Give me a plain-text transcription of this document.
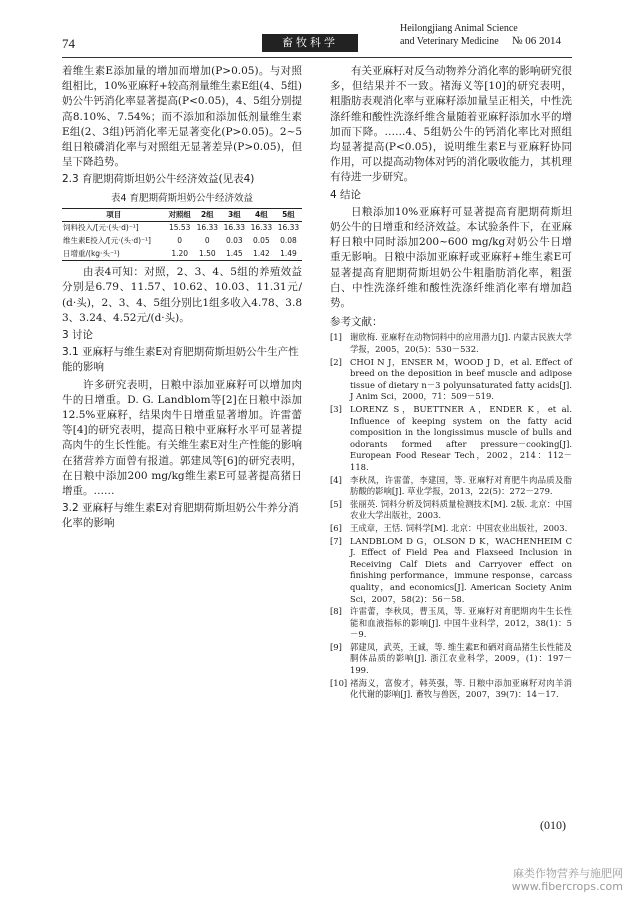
74	畜牧科学
Heilongjiang Animal Science
and Veterinary Medicine	№ 06 2014

着维生素E添加量的增加而增加(P>0.05)。与对照组相比，10%亚麻籽+较高剂量维生素E组(4、5组)奶公牛钙消化率显著提高(P<0.05)，4、5组分别提高8.10%、7.54%；而不添加和添加低剂量维生素E组(2、3组)钙消化率无显著变化(P>0.05)。2~5组日粮磷消化率与对照组无显著差异(P>0.05)，但呈下降趋势。

2.3 育肥期荷斯坦奶公牛经济效益(见表4)
表4 育肥期荷斯坦奶公牛经济效益
项目	对照组	2组	3组	4组	5组
饲料投入/[元·(头·d)⁻¹]	15.53	16.33	16.33	16.33	16.33
维生素E投入/[元·(头·d)⁻¹]	0	0	0.03	0.05	0.08
日增重/(kg·头⁻¹)	1.20	1.50	1.45	1.42	1.49

由表4可知：对照，2、3、4、5组的养殖效益分别是6.79、11.57、10.62、10.03、11.31元/(d·头)，2、3、4、5组分别比1组多收入4.78、3.83、3.24、4.52元/(d·头)。

3 讨论
3.1 亚麻籽与维生素E对育肥期荷斯坦奶公牛生产性能的影响

许多研究表明，日粮中添加亚麻籽可以增加肉牛的日增重。D. G. Landblom等[2]在日粮中添加12.5%亚麻籽，结果肉牛日增重显著增加。许雷蕾等[4]的研究表明，提高日粮中亚麻籽水平可显著提高肉牛的生长性能。有关维生素E对生产性能的影响在猪营养方面曾有报道。郭建凤等[6]的研究表明，在日粮中添加200 mg/kg维生素E可显著提高猪日增重。……

3.2 亚麻籽与维生素E对育肥期荷斯坦奶公牛养分消化率的影响

有关亚麻籽对反刍动物养分消化率的影响研究很多，但结果并不一致。褚海义等[10]的研究表明，粗脂肪表观消化率与亚麻籽添加量呈正相关，中性洗涤纤维和酸性洗涤纤维含量随着亚麻籽添加水平的增加而下降。……4、5组奶公牛的钙消化率比对照组均显著提高(P<0.05)，说明维生素E与亚麻籽协同作用，可以提高动物体对钙的消化吸收能力，其机理有待进一步研究。

4 结论

日粮添加10%亚麻籽可显著提高育肥期荷斯坦奶公牛的日增重和经济效益。本试验条件下，在亚麻籽日粮中同时添加200~600 mg/kg对奶公牛日增重无影响。日粮中添加亚麻籽或亚麻籽+维生素E可显著提高育肥期荷斯坦奶公牛粗脂肪消化率，粗蛋白、中性洗涤纤维和酸性洗涤纤维消化率有增加趋势。

参考文献：
[1] 谢欣梅. 亚麻籽在动物饲料中的应用潜力[J]. 内蒙古民族大学学报，2005，20(5)：530－532.
[2] CHOI N J，ENSER M，WOOD J D，et al. Effect of breed on the deposition in beef muscle and adipose tissue of dietary n－3 polyunsaturated fatty acids[J]. J Anim Sci，2000，71：509－519.
[3] LORENZ S，BUETTNER A，ENDER K，et al. Influence of keeping system on the fatty acid composition in the longissimus muscle of bulls and odorants formed after pressure－cooking[J]. European Food Resear Tech，2002，214：112－118.
[4] 李秋凤，许雷蕾，李建国，等. 亚麻籽对育肥牛肉品质及脂肪酸的影响[J]. 草业学报，2013，22(5)：272－279.
[5] 张丽英. 饲料分析及饲料质量检测技术[M]. 2版. 北京：中国农业大学出版社，2003.
[6] 王成章，王恬. 饲料学[M]. 北京：中国农业出版社，2003.
[7] LANDBLOM D G，OLSON D K，WACHENHEIM C J. Effect of Field Pea and Flaxseed Inclusion in Receiving Calf Diets and Carryover effect on finishing performance，immune response，carcass quality，and economics[J]. American Society Anim Sci，2007，58(2)：56－58.
[8] 许雷蕾，李秋凤，曹玉凤，等. 亚麻籽对育肥期肉牛生长性能和血液指标的影响[J]. 中国牛业科学，2012，38(1)：5－9.
[9] 郭建凤，武英，王诚，等. 维生素E和硒对商品猪生长性能及胴体品质的影响[J]. 浙江农业科学，2009，(1)：197－199.
[10] 褚海义，富俊才，韩英强，等. 日粮中添加亚麻籽对肉羊消化代谢的影响[J]. 畜牧与兽医，2007，39(7)：14－17.
(010)
麻类作物营养与施肥网
www.fibercrops.com
